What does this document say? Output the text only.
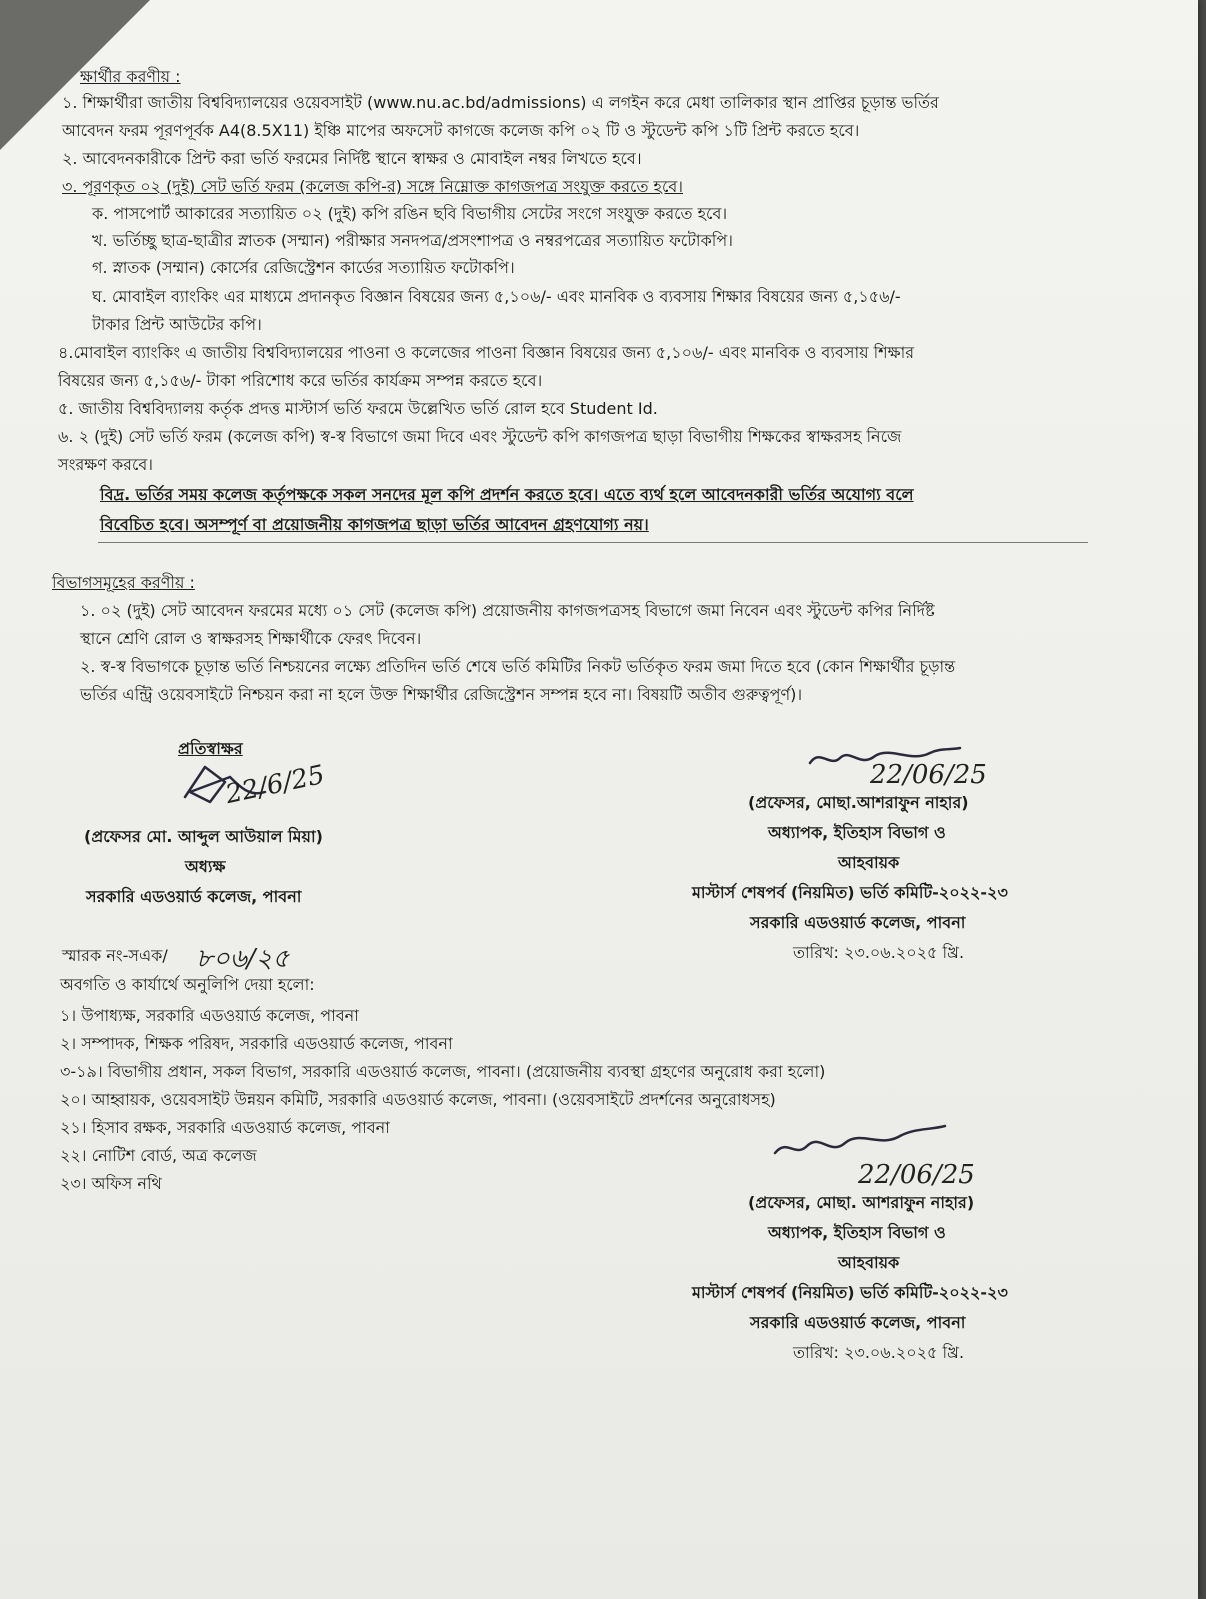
ক্ষার্থীর করণীয় :
১. শিক্ষার্থীরা জাতীয় বিশ্ববিদ্যালয়ের ওয়েবসাইট (www.nu.ac.bd/admissions) এ লগইন করে মেধা তালিকার স্থান প্রাপ্তির চূড়ান্ত ভর্তির
আবেদন ফরম পূরণপূর্বক A4(8.5X11) ইঞ্চি মাপের অফসেট কাগজে কলেজ কপি ০২ টি ও স্টুডেন্ট কপি ১টি প্রিন্ট করতে হবে।
২. আবেদনকারীকে প্রিন্ট করা ভর্তি ফরমের নির্দিষ্ট স্থানে স্বাক্ষর ও মোবাইল নম্বর লিখতে হবে।
৩. পূরণকৃত ০২ (দুই) সেট ভর্তি ফরম (কলেজ কপি-র) সঙ্গে নিম্নোক্ত কাগজপত্র সংযুক্ত করতে হবে।
ক. পাসপোর্ট আকারের সত্যায়িত ০২ (দুই) কপি রঙিন ছবি বিভাগীয় সেটের সংগে সংযুক্ত করতে হবে।
খ. ভর্তিচ্ছু ছাত্র-ছাত্রীর স্নাতক (সম্মান) পরীক্ষার সনদপত্র/প্রসংশাপত্র ও নম্বরপত্রের সত্যায়িত ফটোকপি।
গ. স্নাতক (সম্মান) কোর্সের রেজিস্ট্রেশন কার্ডের সত্যায়িত ফটোকপি।
ঘ. মোবাইল ব্যাংকিং এর মাধ্যমে প্রদানকৃত বিজ্ঞান বিষয়ের জন্য ৫,১০৬/- এবং মানবিক ও ব্যবসায় শিক্ষার বিষয়ের জন্য ৫,১৫৬/-
টাকার প্রিন্ট আউটের কপি।
৪.মোবাইল ব্যাংকিং এ জাতীয় বিশ্ববিদ্যালয়ের পাওনা ও কলেজের পাওনা বিজ্ঞান বিষয়ের জন্য ৫,১০৬/- এবং মানবিক ও ব্যবসায় শিক্ষার
বিষয়ের জন্য ৫,১৫৬/- টাকা পরিশোধ করে ভর্তির কার্যক্রম সম্পন্ন করতে হবে।
৫. জাতীয় বিশ্ববিদ্যালয় কর্তৃক প্রদত্ত মাস্টার্স ভর্তি ফরমে উল্লেখিত ভর্তি রোল হবে Student Id.
৬. ২ (দুই) সেট ভর্তি ফরম (কলেজ কপি) স্ব-স্ব বিভাগে জমা দিবে এবং স্টুডেন্ট কপি কাগজপত্র ছাড়া বিভাগীয় শিক্ষকের স্বাক্ষরসহ নিজে
সংরক্ষণ করবে।
বিদ্র. ভর্তির সময় কলেজ কর্তৃপক্ষকে সকল সনদের মূল কপি প্রদর্শন করতে হবে। এতে ব্যর্থ হলে আবেদনকারী ভর্তির অযোগ্য বলে
বিবেচিত হবে। অসম্পূর্ণ বা প্রয়োজনীয় কাগজপত্র ছাড়া ভর্তির আবেদন গ্রহণযোগ্য নয়।
বিভাগসমূহের করণীয় :
১. ০২ (দুই) সেট আবেদন ফরমের মধ্যে ০১ সেট (কলেজ কপি) প্রয়োজনীয় কাগজপত্রসহ বিভাগে জমা নিবেন এবং স্টুডেন্ট কপির নির্দিষ্ট
স্থানে শ্রেণি রোল ও স্বাক্ষরসহ শিক্ষার্থীকে ফেরৎ দিবেন।
২. স্ব-স্ব বিভাগকে চূড়ান্ত ভর্তি নিশ্চয়নের লক্ষ্যে প্রতিদিন ভর্তি শেষে ভর্তি কমিটির নিকট ভর্তিকৃত ফরম জমা দিতে হবে (কোন শিক্ষার্থীর চূড়ান্ত
ভর্তির এন্ট্রি ওয়েবসাইটে নিশ্চয়ন করা না হলে উক্ত শিক্ষার্থীর রেজিস্ট্রেশন সম্পন্ন হবে না। বিষয়টি অতীব গুরুত্বপূর্ণ)।
প্রতিস্বাক্ষর
22/6/25
(প্রফেসর মো. আব্দুল আউয়াল মিয়া)
অধ্যক্ষ
সরকারি এডওয়ার্ড কলেজ, পাবনা
22/06/25
(প্রফেসর, মোছা.আশরাফুন নাহার)
অধ্যাপক, ইতিহাস বিভাগ ও
আহবায়ক
মাস্টার্স শেষপর্ব (নিয়মিত) ভর্তি কমিটি-২০২২-২৩
সরকারি এডওয়ার্ড কলেজ, পাবনা
তারিখ: ২৩.০৬.২০২৫ খ্রি.
স্মারক নং-সএক/ ৮০৬/২৫
অবগতি ও কার্যার্থে অনুলিপি দেয়া হলো:
১। উপাধ্যক্ষ, সরকারি এডওয়ার্ড কলেজ, পাবনা
২। সম্পাদক, শিক্ষক পরিষদ, সরকারি এডওয়ার্ড কলেজ, পাবনা
৩-১৯। বিভাগীয় প্রধান, সকল বিভাগ, সরকারি এডওয়ার্ড কলেজ, পাবনা। (প্রয়োজনীয় ব্যবস্থা গ্রহণের অনুরোধ করা হলো)
২০। আহ্বায়ক, ওয়েবসাইট উন্নয়ন কমিটি, সরকারি এডওয়ার্ড কলেজ, পাবনা। (ওয়েবসাইটে প্রদর্শনের অনুরোধসহ)
২১। হিসাব রক্ষক, সরকারি এডওয়ার্ড কলেজ, পাবনা
২২। নোটিশ বোর্ড, অত্র কলেজ
২৩। অফিস নথি	22/06/25
(প্রফেসর, মোছা. আশরাফুন নাহার)
অধ্যাপক, ইতিহাস বিভাগ ও
আহবায়ক
মাস্টার্স শেষপর্ব (নিয়মিত) ভর্তি কমিটি-২০২২-২৩
সরকারি এডওয়ার্ড কলেজ, পাবনা
তারিখ: ২৩.০৬.২০২৫ খ্রি.
